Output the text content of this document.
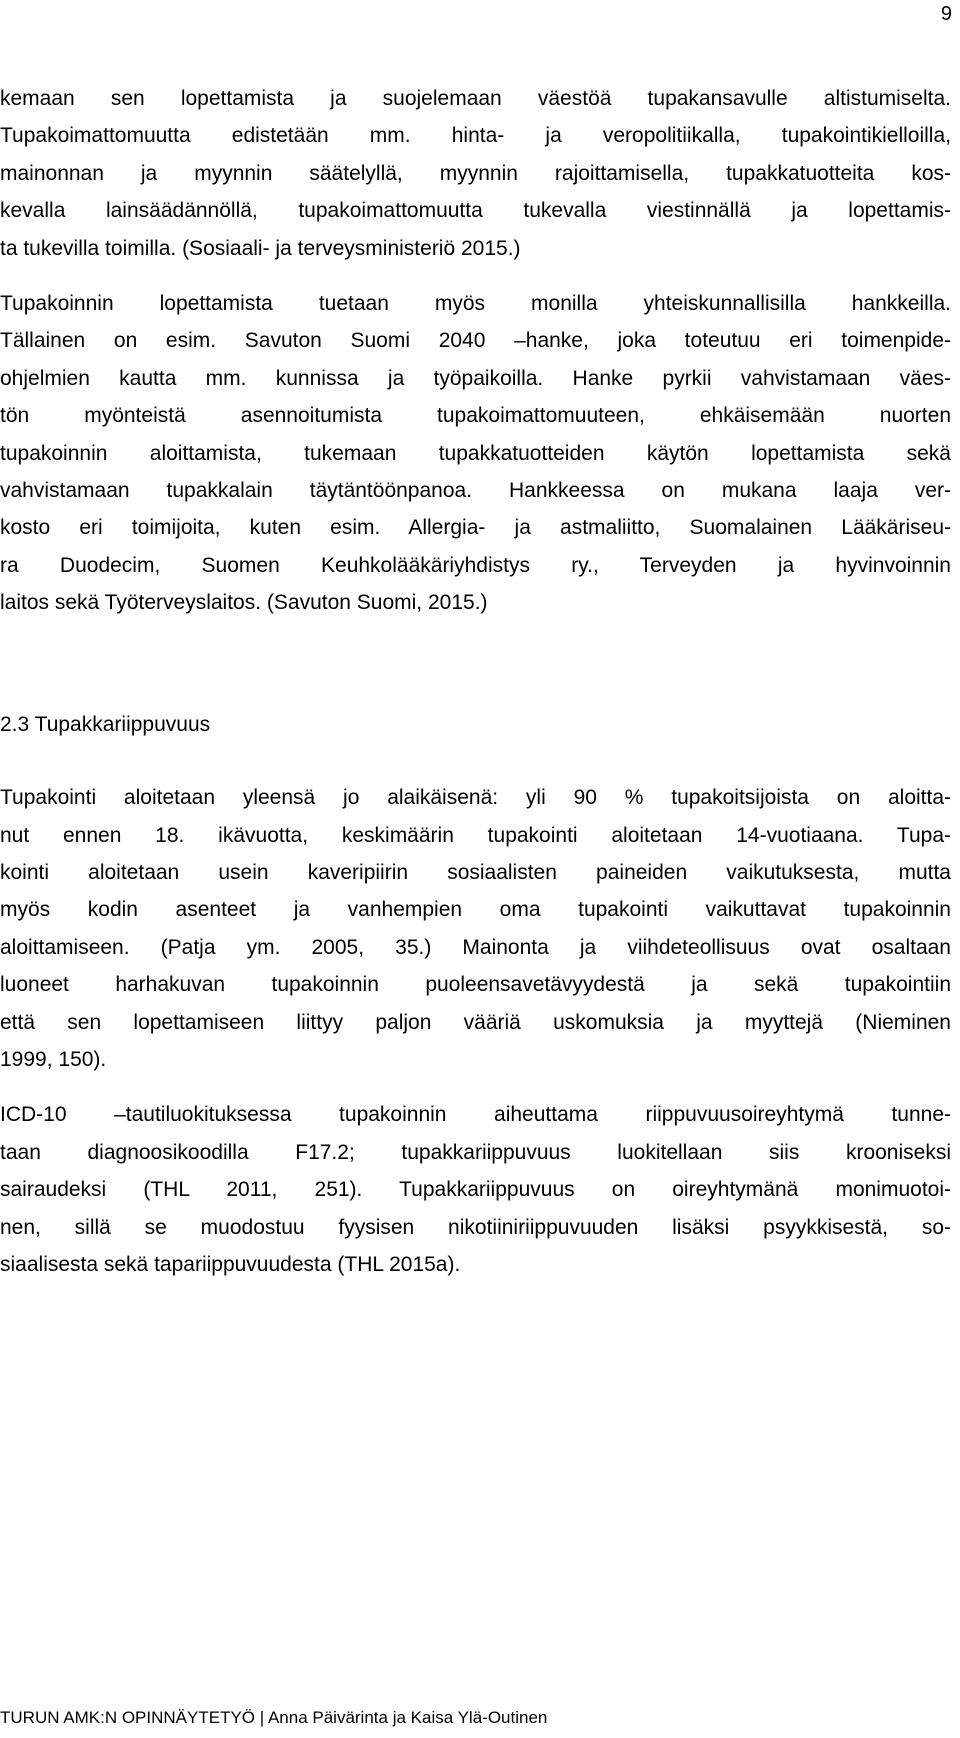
9

kemaan sen lopettamista ja suojelemaan väestöä tupakansavulle altistumiselta.
Tupakoimattomuutta edistetään mm. hinta- ja veropolitiikalla, tupakointikielloilla,
mainonnan ja myynnin säätelyllä, myynnin rajoittamisella, tupakkatuotteita kos-
kevalla lainsäädännöllä, tupakoimattomuutta tukevalla viestinnällä ja lopettamis-
ta tukevilla toimilla. (Sosiaali- ja terveysministeriö 2015.)

Tupakoinnin lopettamista tuetaan myös monilla yhteiskunnallisilla hankkeilla.
Tällainen on esim. Savuton Suomi 2040 –hanke, joka toteutuu eri toimenpide-
ohjelmien kautta mm. kunnissa ja työpaikoilla. Hanke pyrkii vahvistamaan väes-
tön myönteistä asennoitumista tupakoimattomuuteen, ehkäisemään nuorten
tupakoinnin aloittamista, tukemaan tupakkatuotteiden käytön lopettamista sekä
vahvistamaan tupakkalain täytäntöönpanoa. Hankkeessa on mukana laaja ver-
kosto eri toimijoita, kuten esim. Allergia- ja astmaliitto, Suomalainen Lääkäriseu-
ra Duodecim, Suomen Keuhkolääkäriyhdistys ry., Terveyden ja hyvinvoinnin
laitos sekä Työterveyslaitos. (Savuton Suomi, 2015.)

2.3 Tupakkariippuvuus

Tupakointi aloitetaan yleensä jo alaikäisenä: yli 90 % tupakoitsijoista on aloitta-
nut ennen 18. ikävuotta, keskimäärin tupakointi aloitetaan 14-vuotiaana. Tupa-
kointi aloitetaan usein kaveripiirin sosiaalisten paineiden vaikutuksesta, mutta
myös kodin asenteet ja vanhempien oma tupakointi vaikuttavat tupakoinnin
aloittamiseen. (Patja ym. 2005, 35.) Mainonta ja viihdeteollisuus ovat osaltaan
luoneet harhakuvan tupakoinnin puoleensavetävyydestä ja sekä tupakointiin
että sen lopettamiseen liittyy paljon vääriä uskomuksia ja myyttejä (Nieminen
1999, 150).

ICD-10 –tautiluokituksessa tupakoinnin aiheuttama riippuvuusoireyhtymä tunne-
taan diagnoosikoodilla F17.2; tupakkariippuvuus luokitellaan siis krooniseksi
sairaudeksi (THL 2011, 251). Tupakkariippuvuus on oireyhtymänä monimuotoi-
nen, sillä se muodostuu fyysisen nikotiiniriippuvuuden lisäksi psyykkisestä, so-
siaalisesta sekä tapariippuvuudesta (THL 2015a).

TURUN AMK:N OPINNÄYTETYÖ | Anna Päivärinta ja Kaisa Ylä-Outinen
